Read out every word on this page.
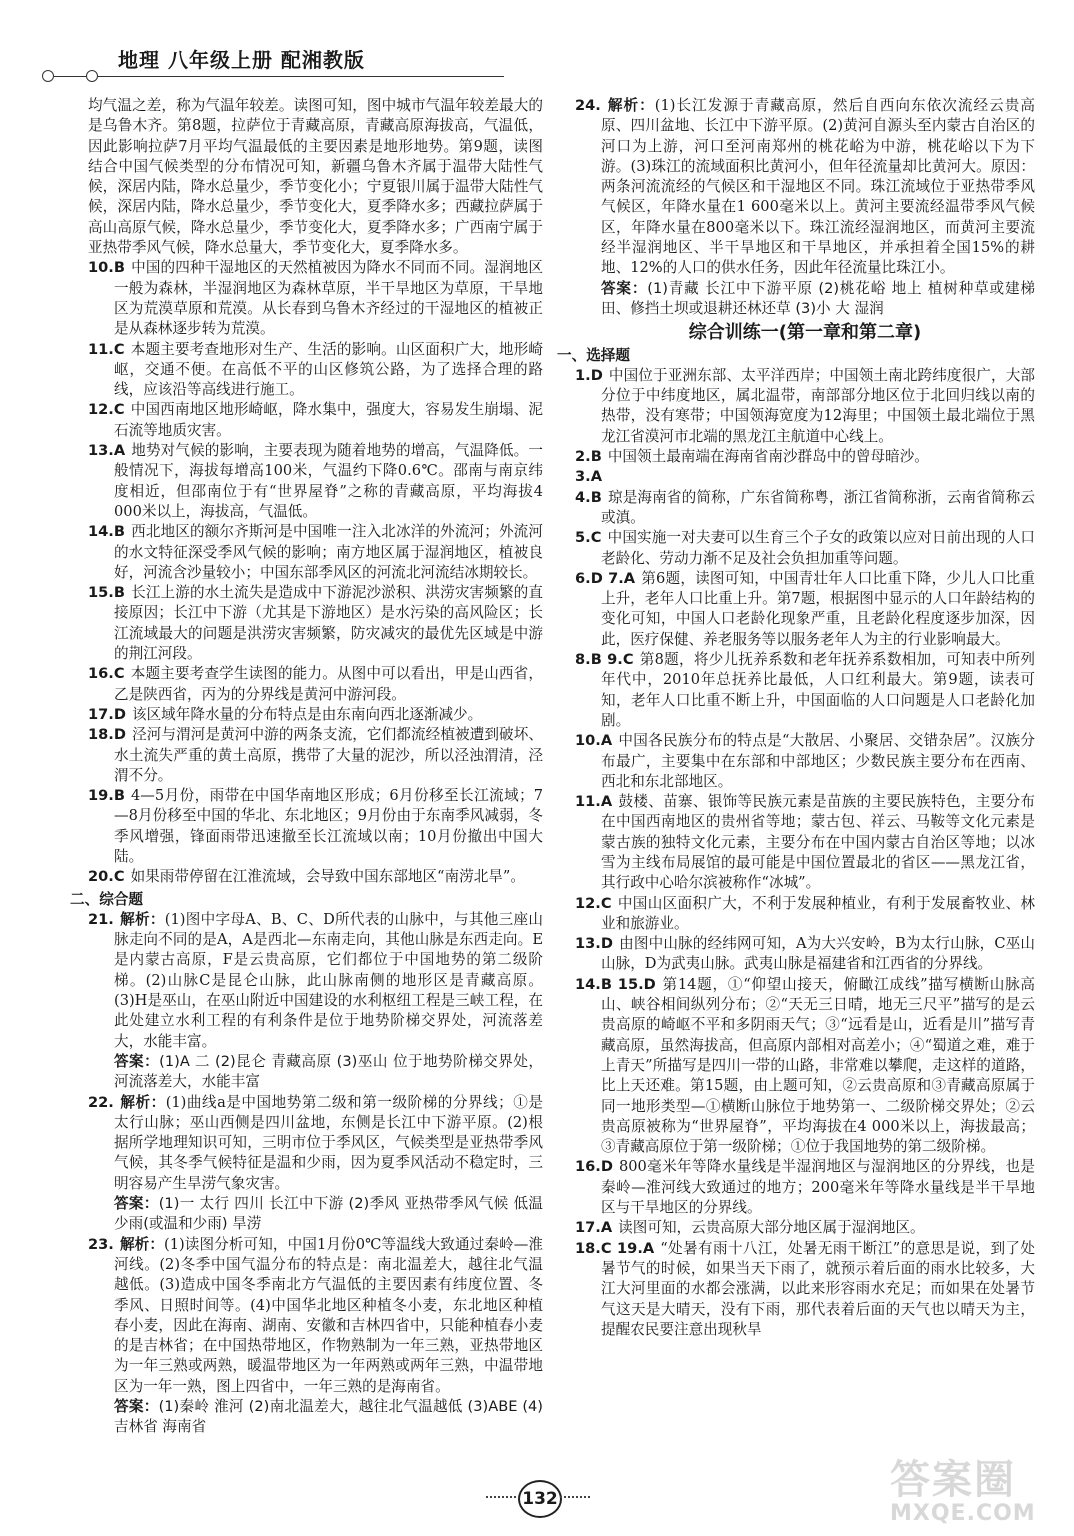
地理 八年级上册 配湘教版

均气温之差，称为气温年较差。读图可知，图中城市气温年较差最大的是乌鲁木齐。第8题，拉萨位于青藏高原，青藏高原海拔高，气温低，因此影响拉萨7月平均气温最低的主要因素是地形地势。第9题，读图结合中国气候类型的分布情况可知，新疆乌鲁木齐属于温带大陆性气候，深居内陆，降水总量少，季节变化小；宁夏银川属于温带大陆性气候，深居内陆，降水总量少，季节变化大，夏季降水多；西藏拉萨属于高山高原气候，降水总量少，季节变化大，夏季降水多；广西南宁属于亚热带季风气候，降水总量大，季节变化大，夏季降水多。

10.B 中国的四种干湿地区的天然植被因为降水不同而不同。湿润地区一般为森林，半湿润地区为森林草原，半干旱地区为草原，干旱地区为荒漠草原和荒漠。从长春到乌鲁木齐经过的干湿地区的植被正是从森林逐步转为荒漠。

11.C 本题主要考查地形对生产、生活的影响。山区面积广大，地形崎岖，交通不便。在高低不平的山区修筑公路，为了选择合理的路线，应该沿等高线进行施工。

12.C 中国西南地区地形崎岖，降水集中，强度大，容易发生崩塌、泥石流等地质灾害。

13.A 地势对气候的影响，主要表现为随着地势的增高，气温降低。一般情况下，海拔每增高100米，气温约下降0.6℃。邵南与南京纬度相近，但邵南位于有“世界屋脊”之称的青藏高原，平均海拔4 000米以上，海拔高，气温低。

14.B 西北地区的额尔齐斯河是中国唯一注入北冰洋的外流河；外流河的水文特征深受季风气候的影响；南方地区属于湿润地区，植被良好，河流含沙量较小；中国东部季风区的河流北河流结冰期较长。

15.B 长江上游的水土流失是造成中下游泥沙淤积、洪涝灾害频繁的直接原因；长江中下游（尤其是下游地区）是水污染的高风险区；长江流域最大的问题是洪涝灾害频繁，防灾减灾的最优先区域是中游的荆江河段。

16.C 本题主要考查学生读图的能力。从图中可以看出，甲是山西省，乙是陕西省，丙为的分界线是黄河中游河段。

17.D 该区域年降水量的分布特点是由东南向西北逐渐减少。

18.D 泾河与渭河是黄河中游的两条支流，它们都流经植被遭到破坏、水土流失严重的黄土高原，携带了大量的泥沙，所以泾浊渭清，泾渭不分。

19.B 4—5月份，雨带在中国华南地区形成；6月份移至长江流域；7—8月份移至中国的华北、东北地区；9月份由于东南季风减弱，冬季风增强，锋面雨带迅速撤至长江流域以南；10月份撤出中国大陆。

20.C 如果雨带停留在江淮流域，会导致中国东部地区“南涝北旱”。

二、综合题

21. 解析：(1)图中字母A、B、C、D所代表的山脉中，与其他三座山脉走向不同的是A，A是西北—东南走向，其他山脉是东西走向。E是内蒙古高原，F是云贵高原，它们都位于中国地势的第二级阶梯。(2)山脉C是昆仑山脉，此山脉南侧的地形区是青藏高原。(3)H是巫山，在巫山附近中国建设的水利枢纽工程是三峡工程，在此处建立水利工程的有利条件是位于地势阶梯交界处，河流落差大，水能丰富。

答案：(1)A 二 (2)昆仑 青藏高原 (3)巫山 位于地势阶梯交界处，河流落差大，水能丰富

22. 解析：(1)曲线a是中国地势第二级和第一级阶梯的分界线；①是太行山脉；巫山西侧是四川盆地，东侧是长江中下游平原。(2)根据所学地理知识可知，三明市位于季风区，气候类型是亚热带季风气候，其冬季气候特征是温和少雨，因为夏季风活动不稳定时，三明容易产生旱涝气象灾害。

答案：(1)一 太行 四川 长江中下游 (2)季风 亚热带季风气候 低温少雨(或温和少雨) 旱涝

23. 解析：(1)读图分析可知，中国1月份0℃等温线大致通过秦岭—淮河线。(2)冬季中国气温分布的特点是：南北温差大，越往北气温越低。(3)造成中国冬季南北方气温低的主要因素有纬度位置、冬季风、日照时间等。(4)中国华北地区种植冬小麦，东北地区种植春小麦，因此在海南、湖南、安徽和吉林四省中，只能种植春小麦的是吉林省；在中国热带地区，作物熟制为一年三熟，亚热带地区为一年三熟或两熟，暖温带地区为一年两熟或两年三熟，中温带地区为一年一熟，图上四省中，一年三熟的是海南省。

答案：(1)秦岭 淮河 (2)南北温差大，越往北气温越低 (3)ABE (4)吉林省 海南省

24. 解析：(1)长江发源于青藏高原，然后自西向东依次流经云贵高原、四川盆地、长江中下游平原。(2)黄河自源头至内蒙古自治区的河口为上游，河口至河南郑州的桃花峪为中游，桃花峪以下为下游。(3)珠江的流域面积比黄河小，但年径流量却比黄河大。原因：两条河流流经的气候区和干湿地区不同。珠江流域位于亚热带季风气候区，年降水量在1 600毫米以上。黄河主要流经温带季风气候区，年降水量在800毫米以下。珠江流经湿润地区，而黄河主要流经半湿润地区、半干旱地区和干旱地区，并承担着全国15%的耕地、12%的人口的供水任务，因此年径流量比珠江小。

答案：(1)青藏 长江中下游平原 (2)桃花峪 地上 植树种草或建梯田、修挡土坝或退耕还林还草 (3)小 大 湿润

综合训练一(第一章和第二章)
一、选择题

1.D 中国位于亚洲东部、太平洋西岸；中国领土南北跨纬度很广，大部分位于中纬度地区，属北温带，南部部分地区位于北回归线以南的热带，没有寒带；中国领海宽度为12海里；中国领土最北端位于黑龙江省漠河市北端的黑龙江主航道中心线上。

2.B 中国领土最南端在海南省南沙群岛中的曾母暗沙。

3.A

4.B 琼是海南省的简称，广东省简称粤，浙江省简称浙，云南省简称云或滇。

5.C 中国实施一对夫妻可以生育三个子女的政策以应对日前出现的人口老龄化、劳动力渐不足及社会负担加重等问题。

6.D 7.A 第6题，读图可知，中国青壮年人口比重下降，少儿人口比重上升，老年人口比重上升。第7题，根据图中显示的人口年龄结构的变化可知，中国人口老龄化现象严重，且老龄化程度逐步加深，因此，医疗保健、养老服务等以服务老年人为主的行业影响最大。

8.B 9.C 第8题，将少儿抚养系数和老年抚养系数相加，可知表中所列年代中，2010年总抚养比最低，人口红利最大。第9题，读表可知，老年人口比重不断上升，中国面临的人口问题是人口老龄化加剧。

10.A 中国各民族分布的特点是“大散居、小聚居、交错杂居”。汉族分布最广，主要集中在东部和中部地区；少数民族主要分布在西南、西北和东北部地区。

11.A 鼓楼、苗寨、银饰等民族元素是苗族的主要民族特色，主要分布在中国西南地区的贵州省等地；蒙古包、祥云、马鞍等文化元素是蒙古族的独特文化元素，主要分布在中国内蒙古自治区等地；以冰雪为主线布局展馆的最可能是中国位置最北的省区——黑龙江省，其行政中心哈尔滨被称作“冰城”。

12.C 中国山区面积广大，不利于发展种植业，有利于发展畜牧业、林业和旅游业。

13.D 由图中山脉的经纬网可知，A为大兴安岭，B为太行山脉，C巫山山脉，D为武夷山脉。武夷山脉是福建省和江西省的分界线。

14.B 15.D 第14题，①“仰望山接天，俯瞰江成线”描写横断山脉高山、峡谷相间纵列分布；②“天无三日晴，地无三尺平”描写的是云贵高原的崎岖不平和多阴雨天气；③“远看是山，近看是川”描写青藏高原，虽然海拔高，但高原内部相对高差小；④“蜀道之难，难于上青天”所描写是四川一带的山路，非常难以攀爬，走这样的道路，比上天还难。第15题，由上题可知，②云贵高原和③青藏高原属于同一地形类型—①横断山脉位于地势第一、二级阶梯交界处；②云贵高原被称为“世界屋脊”，平均海拔在4 000米以上，海拔最高；③青藏高原位于第一级阶梯；①位于我国地势的第二级阶梯。

16.D 800毫米年等降水量线是半湿润地区与湿润地区的分界线，也是秦岭—淮河线大致通过的地方；200毫米年等降水量线是半干旱地区与干旱地区的分界线。

17.A 读图可知，云贵高原大部分地区属于湿润地区。

18.C 19.A “处暑有雨十八江，处暑无雨干断江”的意思是说，到了处暑节气的时候，如果当天下雨了，就预示着后面的雨水比较多，大江大河里面的水都会涨满，以此来形容雨水充足；而如果在处暑节气这天是大晴天，没有下雨，那代表着后面的天气也以晴天为主，提醒农民要注意出现秋旱

132	答案圈
MXQE.COM
